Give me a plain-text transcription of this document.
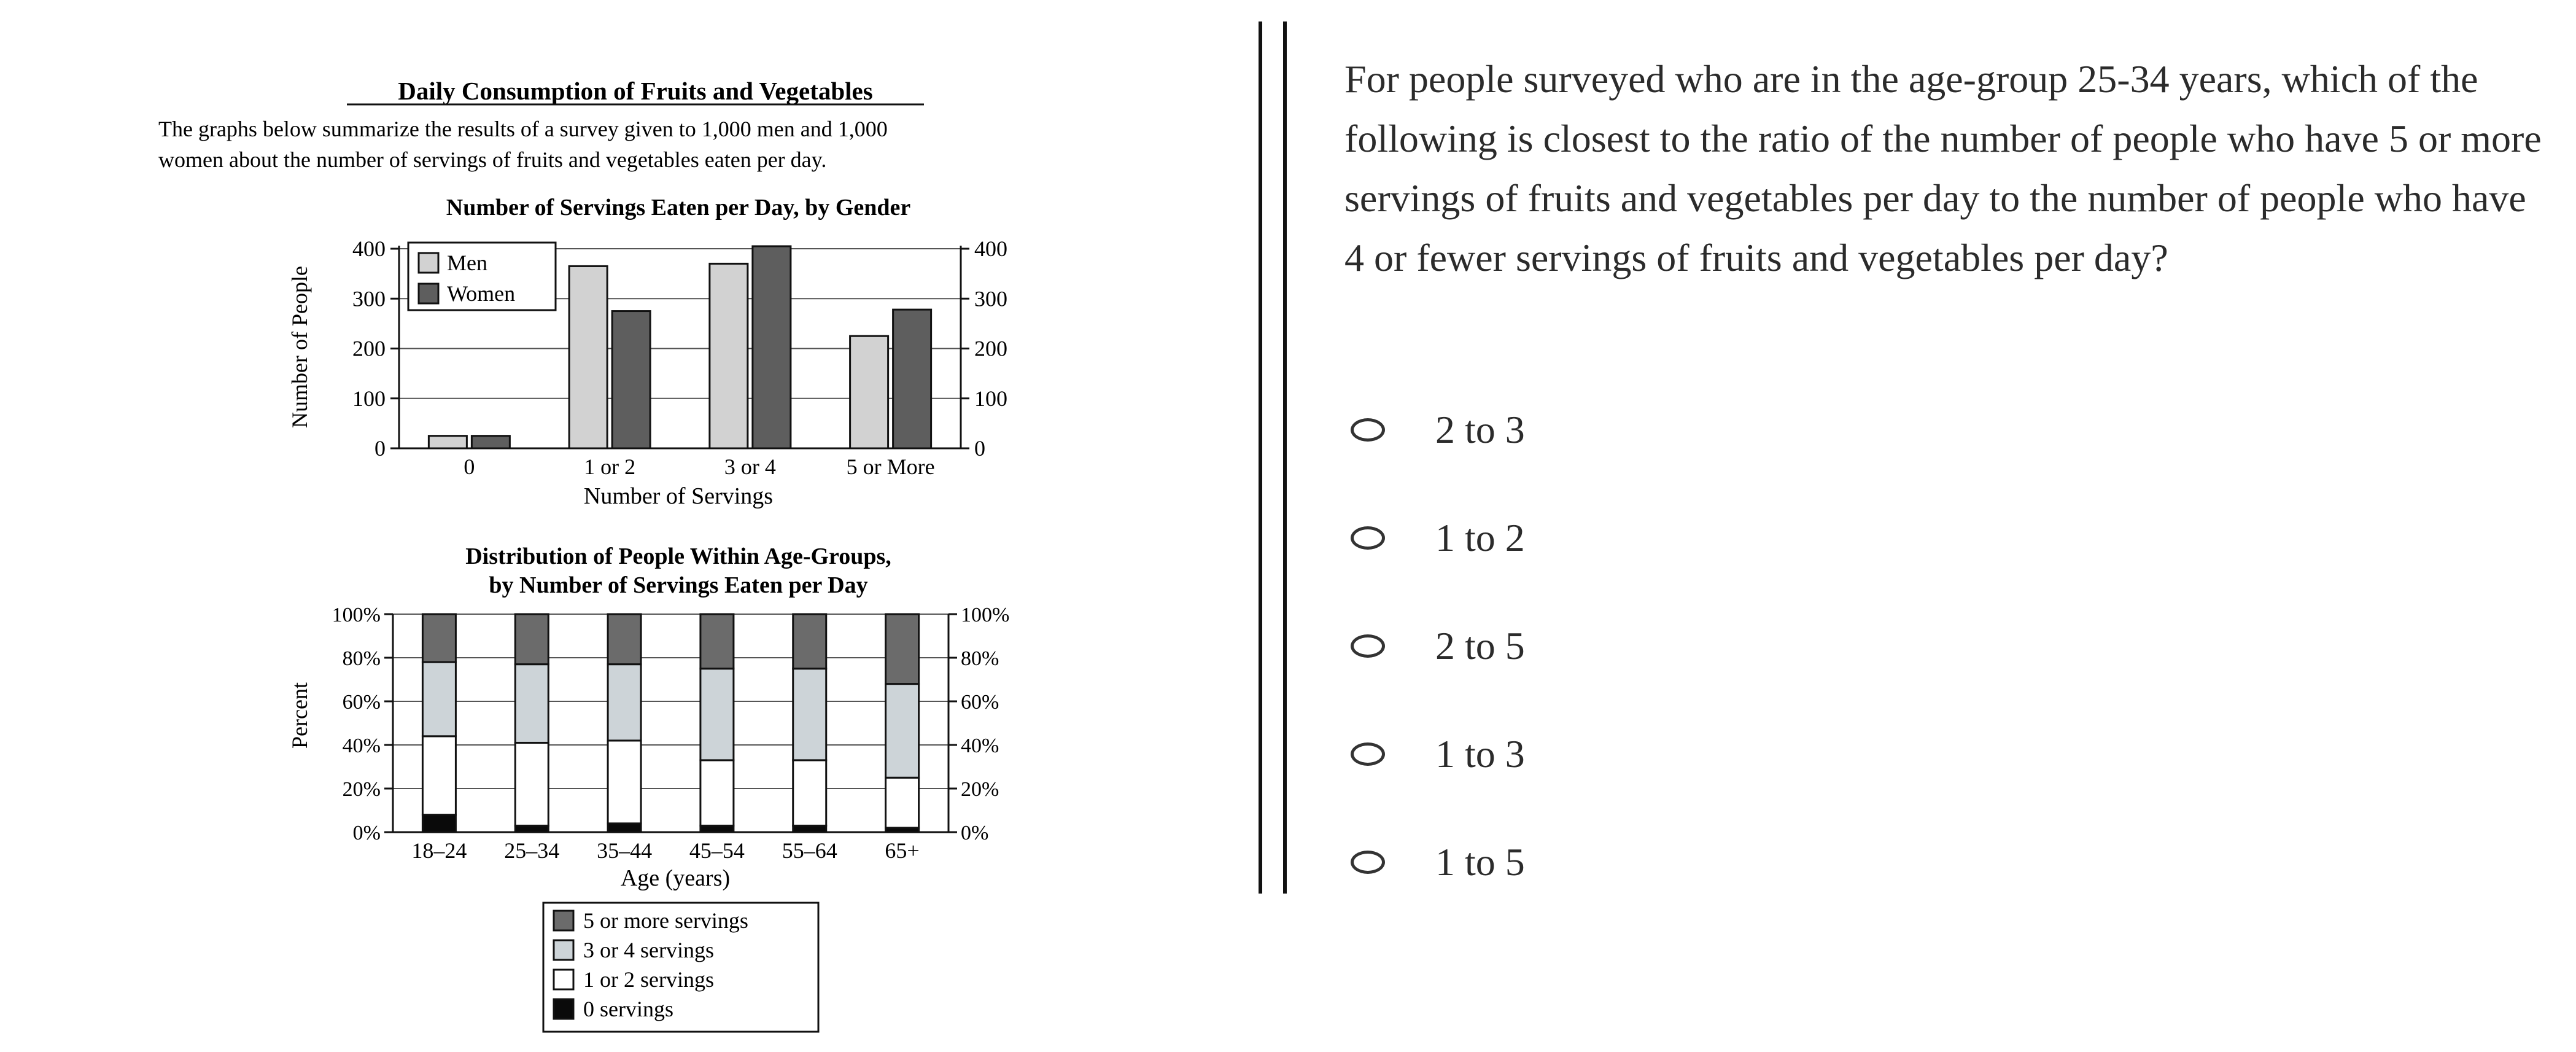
Daily Consumption of Fruits and Vegetables
The graphs below summarize the results of a survey given to 1,000 men and 1,000
women about the number of servings of fruits and vegetables eaten per day.
Number of Servings Eaten per Day, by Gender
Number of People
Number of Servings
0	0
100	100
200	200
300	300
400	400
0	1 or 2	3 or 4	5 or More
Men
Women
Distribution of People Within Age-Groups,
by Number of Servings Eaten per Day
Percent
Age (years)
0%	0%
20%	20%
40%	40%
60%	60%
80%	80%
100%	100%
18–24 25–34 35–44 45–54 55–64 65+
5 or more servings
3 or 4 servings
1 or 2 servings
0 servings

For people surveyed who are in the age-group 25-34 years, which of the following is closest to the ratio of the number of people who have 5 or more servings of fruits and vegetables per day to the number of people who have 4 or fewer servings of fruits and vegetables per day?

2 to 3
1 to 2
2 to 5
1 to 3
1 to 5
